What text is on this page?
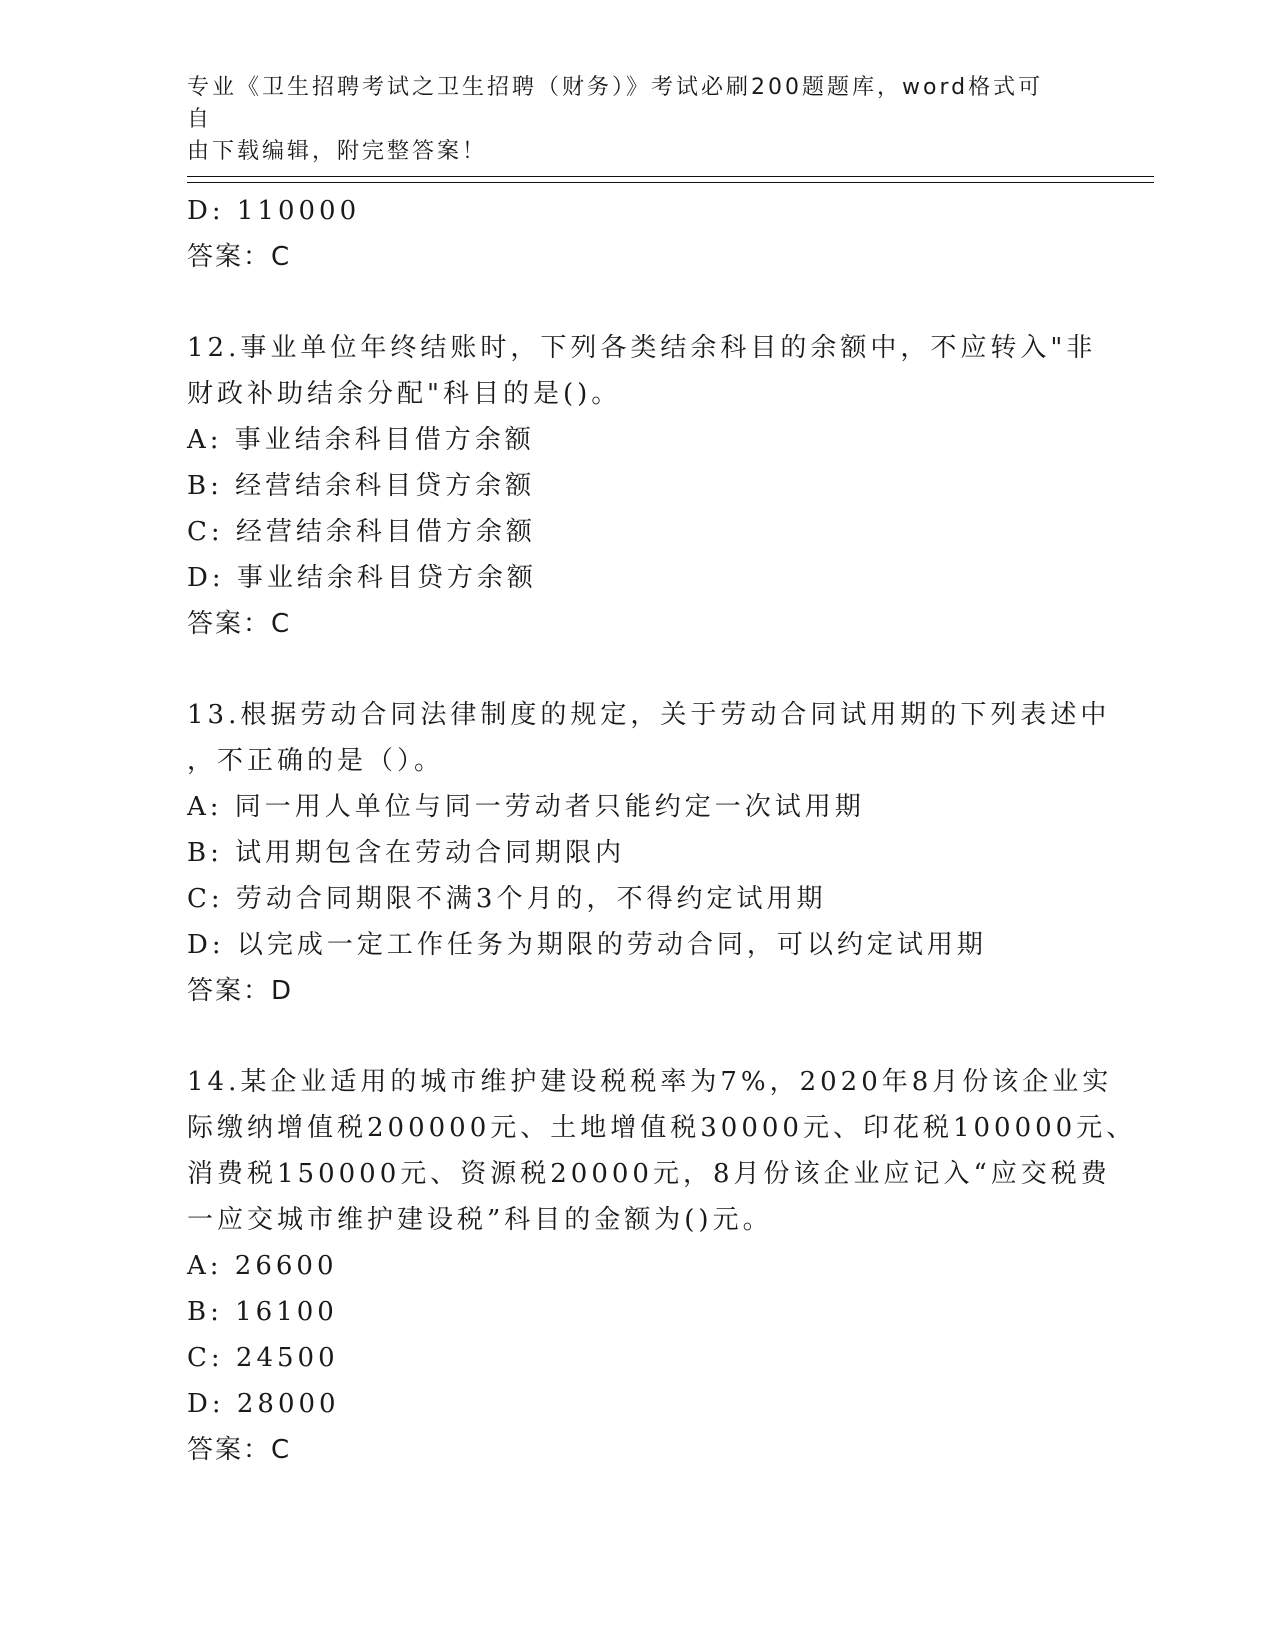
专业《卫生招聘考试之卫生招聘（财务）》考试必刷200题题库，word格式可自
由下载编辑，附完整答案！
D: 110000
答案：C
12.事业单位年终结账时，下列各类结余科目的余额中，不应转入"非
财政补助结余分配"科目的是()。
A: 事业结余科目借方余额
B: 经营结余科目贷方余额
C: 经营结余科目借方余额
D: 事业结余科目贷方余额
答案：C
13.根据劳动合同法律制度的规定，关于劳动合同试用期的下列表述中
，不正确的是（）。
A: 同一用人单位与同一劳动者只能约定一次试用期
B: 试用期包含在劳动合同期限内
C: 劳动合同期限不满3个月的，不得约定试用期
D: 以完成一定工作任务为期限的劳动合同，可以约定试用期
答案：D
14.某企业适用的城市维护建设税税率为7%，2020年8月份该企业实
际缴纳增值税200000元、土地增值税30000元、印花税100000元、
消费税150000元、资源税20000元，8月份该企业应记入“应交税费
一应交城市维护建设税”科目的金额为()元。
A: 26600
B: 16100
C: 24500
D: 28000
答案：C
